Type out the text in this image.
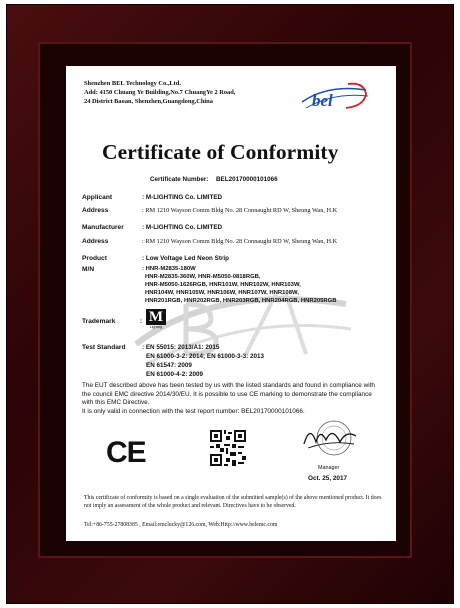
Shenzhen BEL Technology Co.,Ltd.
Add: 4150 Chuang Ye Building,No.7 ChuangYe 2 Road,
24 District Baoan, Shenzhen,Guangdong,China	bel
Certificate of Conformity
Certificate Number: BEL20170000101066
Applicant	: M-LIGHTING Co. LIMITED
Address	: RM 1210 Wayson Comm Bldg No. 28 Connaught RD W, Sheung Wan, H.K
Manufacturer	: M-LIGHTING Co. LIMITED
Address	: RM 1210 Wayson Comm Bldg No. 28 Connaught RD W, Sheung Wan, H.K
Product	: Low Voltage Led Neon Strip
M/N	: HNR-M2835-180W
HNR-M2835-360W, HNR-M5050-0818RGB,
HNR-M5050-1626RGB, HNR101W, HNR102W, HNR103W,
HNR104W, HNR105W, HNR106W, HNR107W, HNR108W,
HNR201RGB, HNR202RGB, HNR203RGB, HNR204RGB, HNR205RGB
Trademark	: M
Lighting
Test Standard	: EN 55015: 2013/A1: 2015
EN 61000-3-2: 2014; EN 61000-3-3: 2013
EN 61547: 2009
EN 61000-4-2: 2009
The EUT described above has been tested by us with the listed standards and found in compliance with the council EMC directive 2014/30/EU. It is possible to use CE marking to demonstrate the compliance with this EMC Directive.
It is only valid in connection with the test report number: BEL20170000101066.
CE	Manager
Oct. 25, 2017
This certificate of conformity is based on a single evaluation of the submitted sample(s) of the above mentioned product. It does not imply an assessment of the whole product and relevant. Directives have to be observed.
Tel:+86-755-27808385 , Email:emclucky@126.com, Web:Http://www.belemc.com
